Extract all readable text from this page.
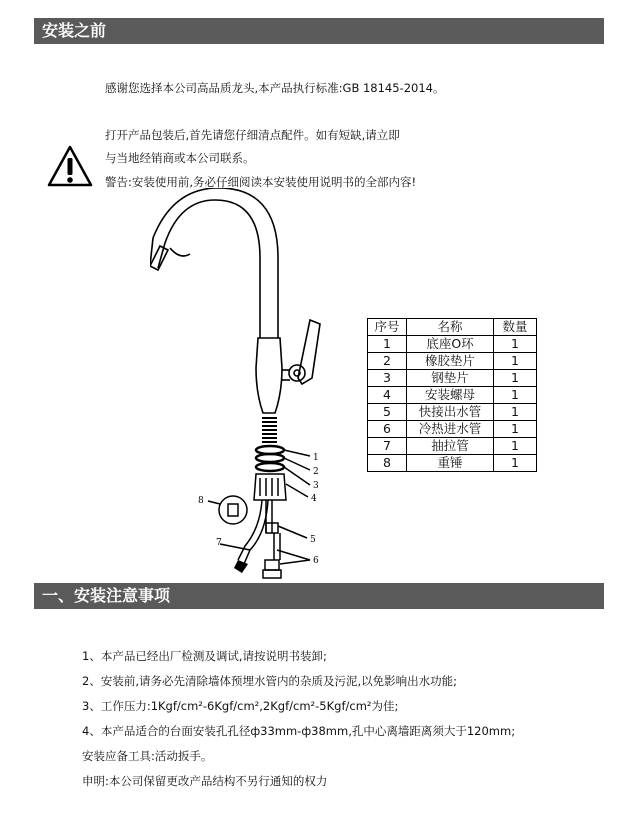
安装之前
感谢您选择本公司高品质龙头,本产品执行标准:GB 18145-2014。
打开产品包装后,首先请您仔细清点配件。如有短缺,请立即
与当地经销商或本公司联系。
警告:安装使用前,务必仔细阅读本安装使用说明书的全部内容!
1
2
3
4
5
6
7
8
序号	名称	数量
1	底座O环	1
2	橡胶垫片	1
3	钢垫片	1
4	安装螺母	1
5	快接出水管	1
6	冷热进水管	1
7	抽拉管	1
8	重锤	1
一、安装注意事项
1、本产品已经出厂检测及调试,请按说明书装卸;
2、安装前,请务必先清除墙体预埋水管内的杂质及污泥,以免影响出水功能;
3、工作压力:1Kgf/cm²-6Kgf/cm²,2Kgf/cm²-5Kgf/cm²为佳;
4、本产品适合的台面安装孔孔径ф33mm-ф38mm,孔中心离墙距离须大于120mm;
安装应备工具:活动扳手。
申明:本公司保留更改产品结构不另行通知的权力
